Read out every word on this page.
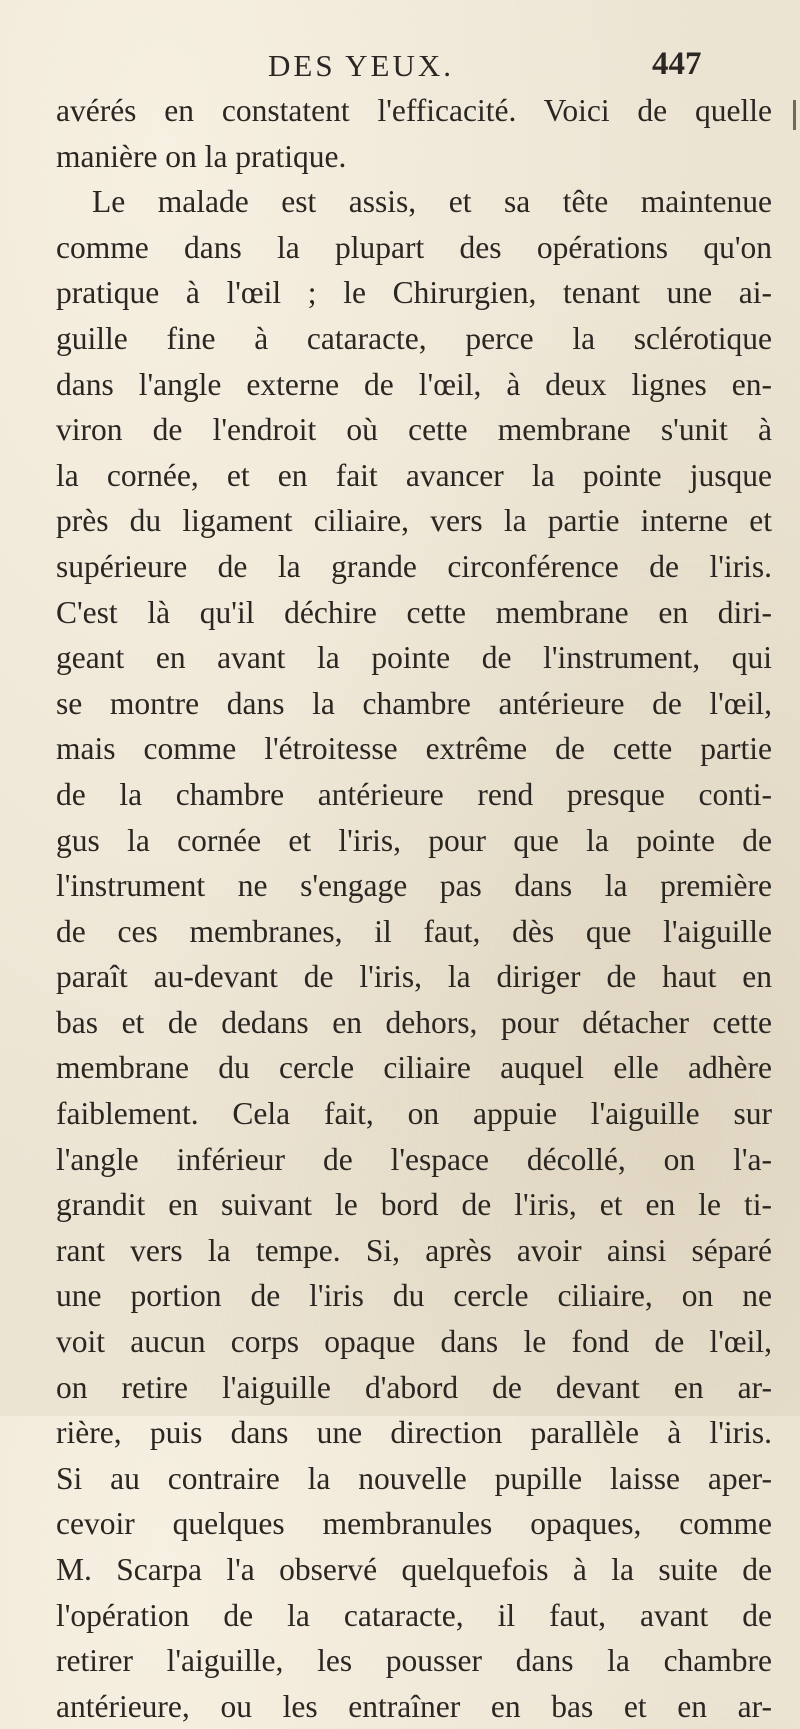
DES YEUX.	447
avérés en constatent l'efficacité. Voici de quelle
manière on la pratique.
Le malade est assis, et sa tête maintenue
comme dans la plupart des opérations qu'on
pratique à l'œil ; le Chirurgien, tenant une ai-
guille fine à cataracte, perce la sclérotique
dans l'angle externe de l'œil, à deux lignes en-
viron de l'endroit où cette membrane s'unit à
la cornée, et en fait avancer la pointe jusque
près du ligament ciliaire, vers la partie interne et
supérieure de la grande circonférence de l'iris.
C'est là qu'il déchire cette membrane en diri-
geant en avant la pointe de l'instrument, qui
se montre dans la chambre antérieure de l'œil,
mais comme l'étroitesse extrême de cette partie
de la chambre antérieure rend presque conti-
gus la cornée et l'iris, pour que la pointe de
l'instrument ne s'engage pas dans la première
de ces membranes, il faut, dès que l'aiguille
paraît au-devant de l'iris, la diriger de haut en
bas et de dedans en dehors, pour détacher cette
membrane du cercle ciliaire auquel elle adhère
faiblement. Cela fait, on appuie l'aiguille sur
l'angle inférieur de l'espace décollé, on l'a-
grandit en suivant le bord de l'iris, et en le ti-
rant vers la tempe. Si, après avoir ainsi séparé
une portion de l'iris du cercle ciliaire, on ne
voit aucun corps opaque dans le fond de l'œil,
on retire l'aiguille d'abord de devant en ar-
rière, puis dans une direction parallèle à l'iris.
Si au contraire la nouvelle pupille laisse aper-
cevoir quelques membranules opaques, comme
M. Scarpa l'a observé quelquefois à la suite de
l'opération de la cataracte, il faut, avant de
retirer l'aiguille, les pousser dans la chambre
antérieure, ou les entraîner en bas et en ar-
